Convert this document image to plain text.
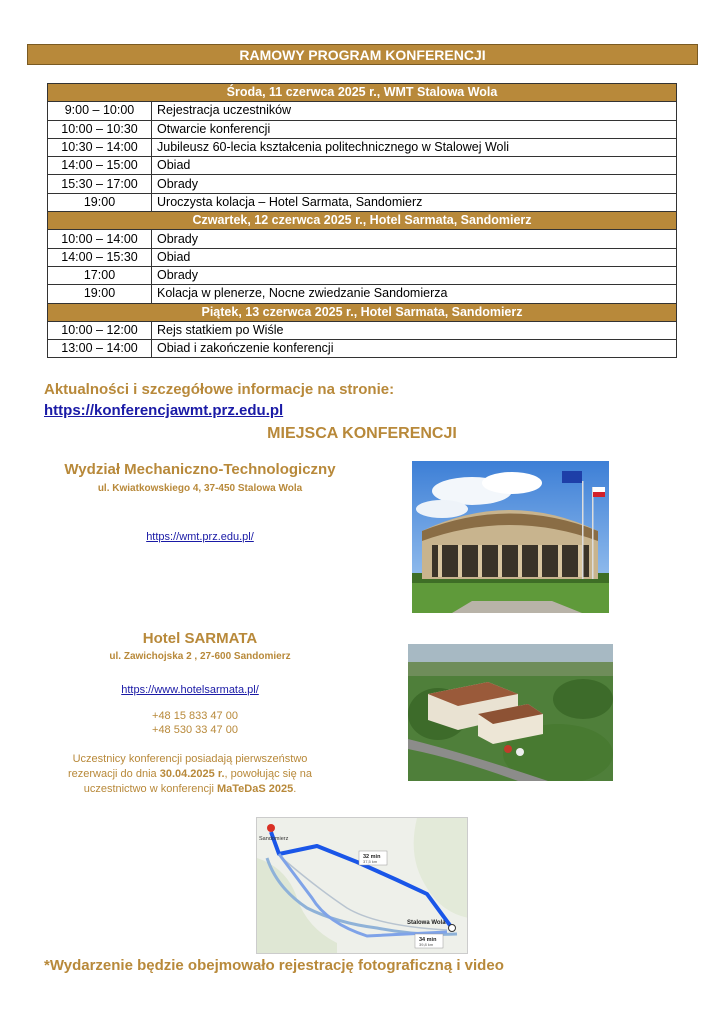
RAMOWY PROGRAM KONFERENCJI
Środa, 11 czerwca 2025 r., WMT Stalowa Wola	
9:00 – 10:00	Rejestracja uczestników
10:00 – 10:30	Otwarcie konferencji
10:30 – 14:00	Jubileusz 60-lecia kształcenia politechnicznego w Stalowej Woli
14:00 – 15:00	Obiad
15:30 – 17:00	Obrady
19:00	Uroczysta kolacja – Hotel Sarmata, Sandomierz
Czwartek, 12 czerwca 2025 r., Hotel Sarmata, Sandomierz	
10:00 – 14:00	Obrady
14:00 – 15:30	Obiad
17:00	Obrady
19:00	Kolacja w plenerze, Nocne zwiedzanie Sandomierza
Piątek, 13 czerwca 2025 r., Hotel Sarmata, Sandomierz	
10:00 – 12:00	Rejs statkiem po Wiśle
13:00 – 14:00	Obiad i zakończenie konferencji
Aktualności i szczegółowe informacje na stronie:
https://konferencjawmt.prz.edu.pl
MIEJSCA KONFERENCJI
Wydział Mechaniczno-Technologiczny
ul. Kwiatkowskiego 4, 37-450 Stalowa Wola
https://wmt.prz.edu.pl/
Hotel SARMATA
ul. Zawichojska 2 , 27-600 Sandomierz
https://www.hotelsarmata.pl/
+48 15 833 47 00
+48 530 33 47 00
Uczestnicy konferencji posiadają pierwszeństwo
rezerwacji do dnia 30.04.2025 r., powołując się na
uczestnictwo w konferencji MaTeDaS 2025.
Sandomierz
Stalowa Wola
32 min
37,5 km
34 min
39,8 km
*Wydarzenie będzie obejmowało rejestrację fotograficzną i video
